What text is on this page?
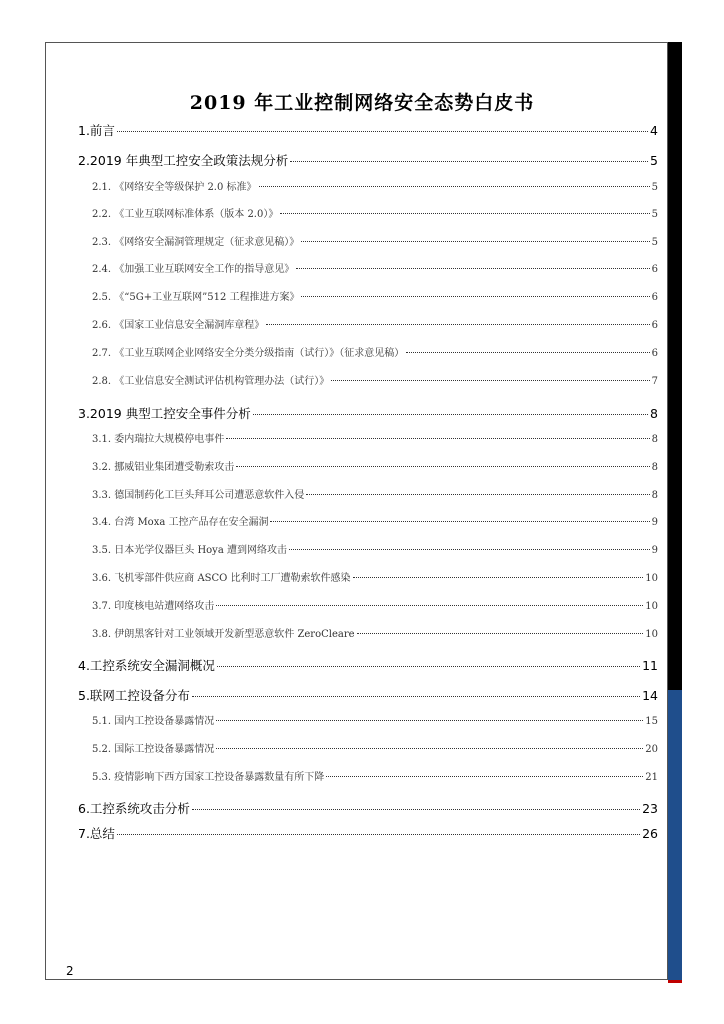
2019 年工业控制网络安全态势白皮书
1.前言	4
2.2019 年典型工控安全政策法规分析	5
2.1. 《网络安全等级保护 2.0 标准》	5
2.2. 《工业互联网标准体系（版本 2.0）》	5
2.3. 《网络安全漏洞管理规定（征求意见稿）》	5
2.4. 《加强工业互联网安全工作的指导意见》	6
2.5. 《“5G+工业互联网”512 工程推进方案》	6
2.6. 《国家工业信息安全漏洞库章程》	6
2.7. 《工业互联网企业网络安全分类分级指南（试行）》（征求意见稿）	6
2.8. 《工业信息安全测试评估机构管理办法（试行）》	7
3.2019 典型工控安全事件分析	8
3.1. 委内瑞拉大规模停电事件	8
3.2. 挪威铝业集团遭受勒索攻击	8
3.3. 德国制药化工巨头拜耳公司遭恶意软件入侵	8
3.4. 台湾 Moxa 工控产品存在安全漏洞	9
3.5. 日本光学仪器巨头 Hoya 遭到网络攻击	9
3.6. 飞机零部件供应商 ASCO 比利时工厂遭勒索软件感染	10
3.7. 印度核电站遭网络攻击	10
3.8. 伊朗黑客针对工业领域开发新型恶意软件 ZeroCleare	10
4.工控系统安全漏洞概况	11
5.联网工控设备分布	14
5.1. 国内工控设备暴露情况	15
5.2. 国际工控设备暴露情况	20
5.3. 疫情影响下西方国家工控设备暴露数量有所下降	21
6.工控系统攻击分析	23
7.总结	26
2
